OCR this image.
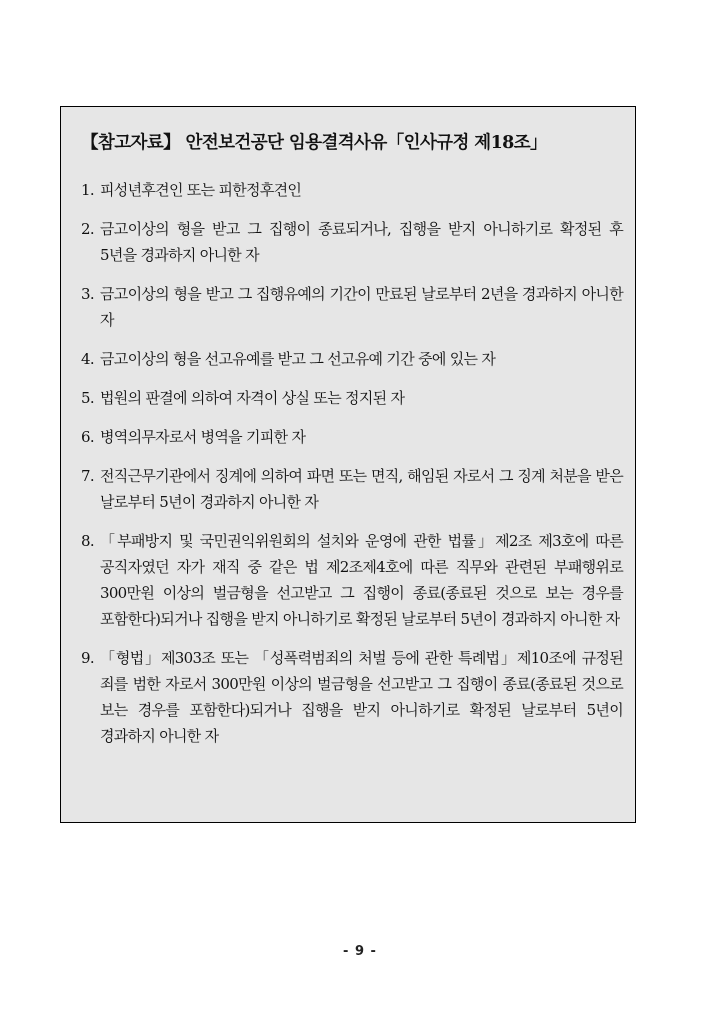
【참고자료】 안전보건공단 임용결격사유「인사규정 제18조」
1. 피성년후견인 또는 피한정후견인
2. 금고이상의 형을 받고 그 집행이 종료되거나, 집행을 받지 아니하기로 확정된 후 5년을 경과하지 아니한 자
3. 금고이상의 형을 받고 그 집행유예의 기간이 만료된 날로부터 2년을 경과하지 아니한 자
4. 금고이상의 형을 선고유예를 받고 그 선고유예 기간 중에 있는 자
5. 법원의 판결에 의하여 자격이 상실 또는 정지된 자
6. 병역의무자로서 병역을 기피한 자
7. 전직근무기관에서 징계에 의하여 파면 또는 면직, 해임된 자로서 그 징계 처분을 받은 날로부터 5년이 경과하지 아니한 자
8. 「부패방지 및 국민권익위원회의 설치와 운영에 관한 법률」제2조 제3호에 따른 공직자였던 자가 재직 중 같은 법 제2조제4호에 따른 직무와 관련된 부패행위로 300만원 이상의 벌금형을 선고받고 그 집행이 종료(종료된 것으로 보는 경우를 포함한다)되거나 집행을 받지 아니하기로 확정된 날로부터 5년이 경과하지 아니한 자
9. 「형법」제303조 또는 「성폭력범죄의 처벌 등에 관한 특례법」제10조에 규정된 죄를 범한 자로서 300만원 이상의 벌금형을 선고받고 그 집행이 종료(종료된 것으로 보는 경우를 포함한다)되거나 집행을 받지 아니하기로 확정된 날로부터 5년이 경과하지 아니한 자
- 9 -
